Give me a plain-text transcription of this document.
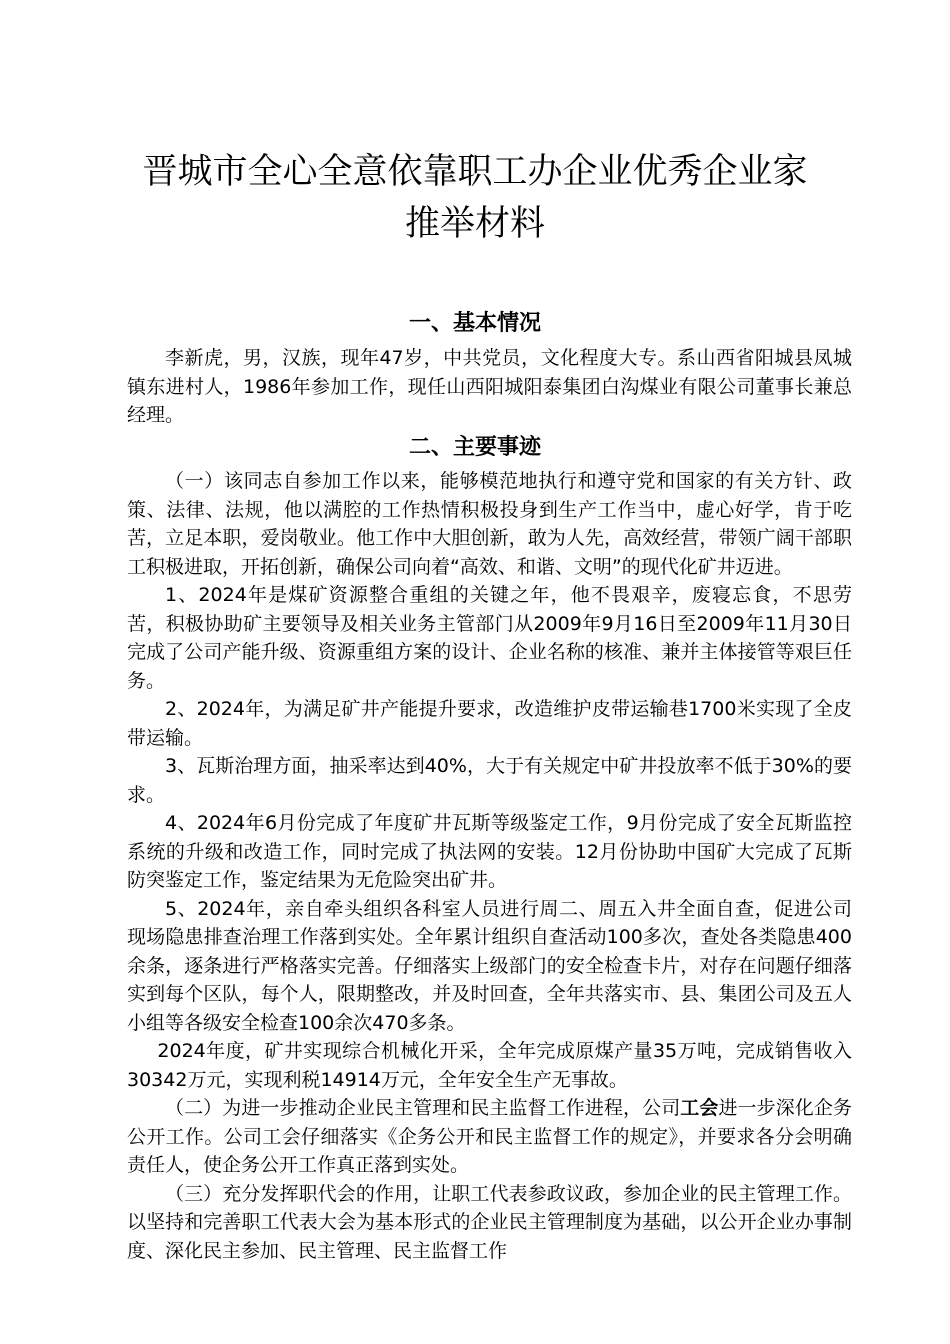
晋城市全心全意依靠职工办企业优秀企业家
推举材料
一、基本情况

李新虎，男，汉族，现年47岁，中共党员，文化程度大专。系山西省阳城县凤城镇东进村人，1986年参加工作，现任山西阳城阳泰集团白沟煤业有限公司董事长兼总经理。

二、主要事迹

（一）该同志自参加工作以来，能够模范地执行和遵守党和国家的有关方针、政策、法律、法规，他以满腔的工作热情积极投身到生产工作当中，虚心好学，肯于吃苦，立足本职，爱岗敬业。他工作中大胆创新，敢为人先，高效经营，带领广阔干部职工积极进取，开拓创新，确保公司向着“高效、和谐、文明”的现代化矿井迈进。

1、2024年是煤矿资源整合重组的关键之年，他不畏艰辛，废寝忘食，不思劳苦，积极协助矿主要领导及相关业务主管部门从2009年9月16日至2009年11月30日完成了公司产能升级、资源重组方案的设计、企业名称的核准、兼并主体接管等艰巨任务。

2、2024年，为满足矿井产能提升要求，改造维护皮带运输巷1700米实现了全皮带运输。

3、瓦斯治理方面，抽采率达到40%，大于有关规定中矿井投放率不低于30%的要求。

4、2024年6月份完成了年度矿井瓦斯等级鉴定工作，9月份完成了安全瓦斯监控系统的升级和改造工作，同时完成了执法网的安装。12月份协助中国矿大完成了瓦斯防突鉴定工作，鉴定结果为无危险突出矿井。

5、2024年，亲自牵头组织各科室人员进行周二、周五入井全面自查，促进公司现场隐患排查治理工作落到实处。全年累计组织自查活动100多次，查处各类隐患400余条，逐条进行严格落实完善。仔细落实上级部门的安全检查卡片，对存在问题仔细落实到每个区队，每个人，限期整改，并及时回查，全年共落实市、县、集团公司及五人小组等各级安全检查100余次470多条。

2024年度，矿井实现综合机械化开采，全年完成原煤产量35万吨，完成销售收入30342万元，实现利税14914万元，全年安全生产无事故。

（二）为进一步推动企业民主管理和民主监督工作进程，公司工会进一步深化企务公开工作。公司工会仔细落实《企务公开和民主监督工作的规定》，并要求各分会明确责任人，使企务公开工作真正落到实处。

（三）充分发挥职代会的作用，让职工代表参政议政，参加企业的民主管理工作。以坚持和完善职工代表大会为基本形式的企业民主管理制度为基础，以公开企业办事制度、深化民主参加、民主管理、民主监督工作
